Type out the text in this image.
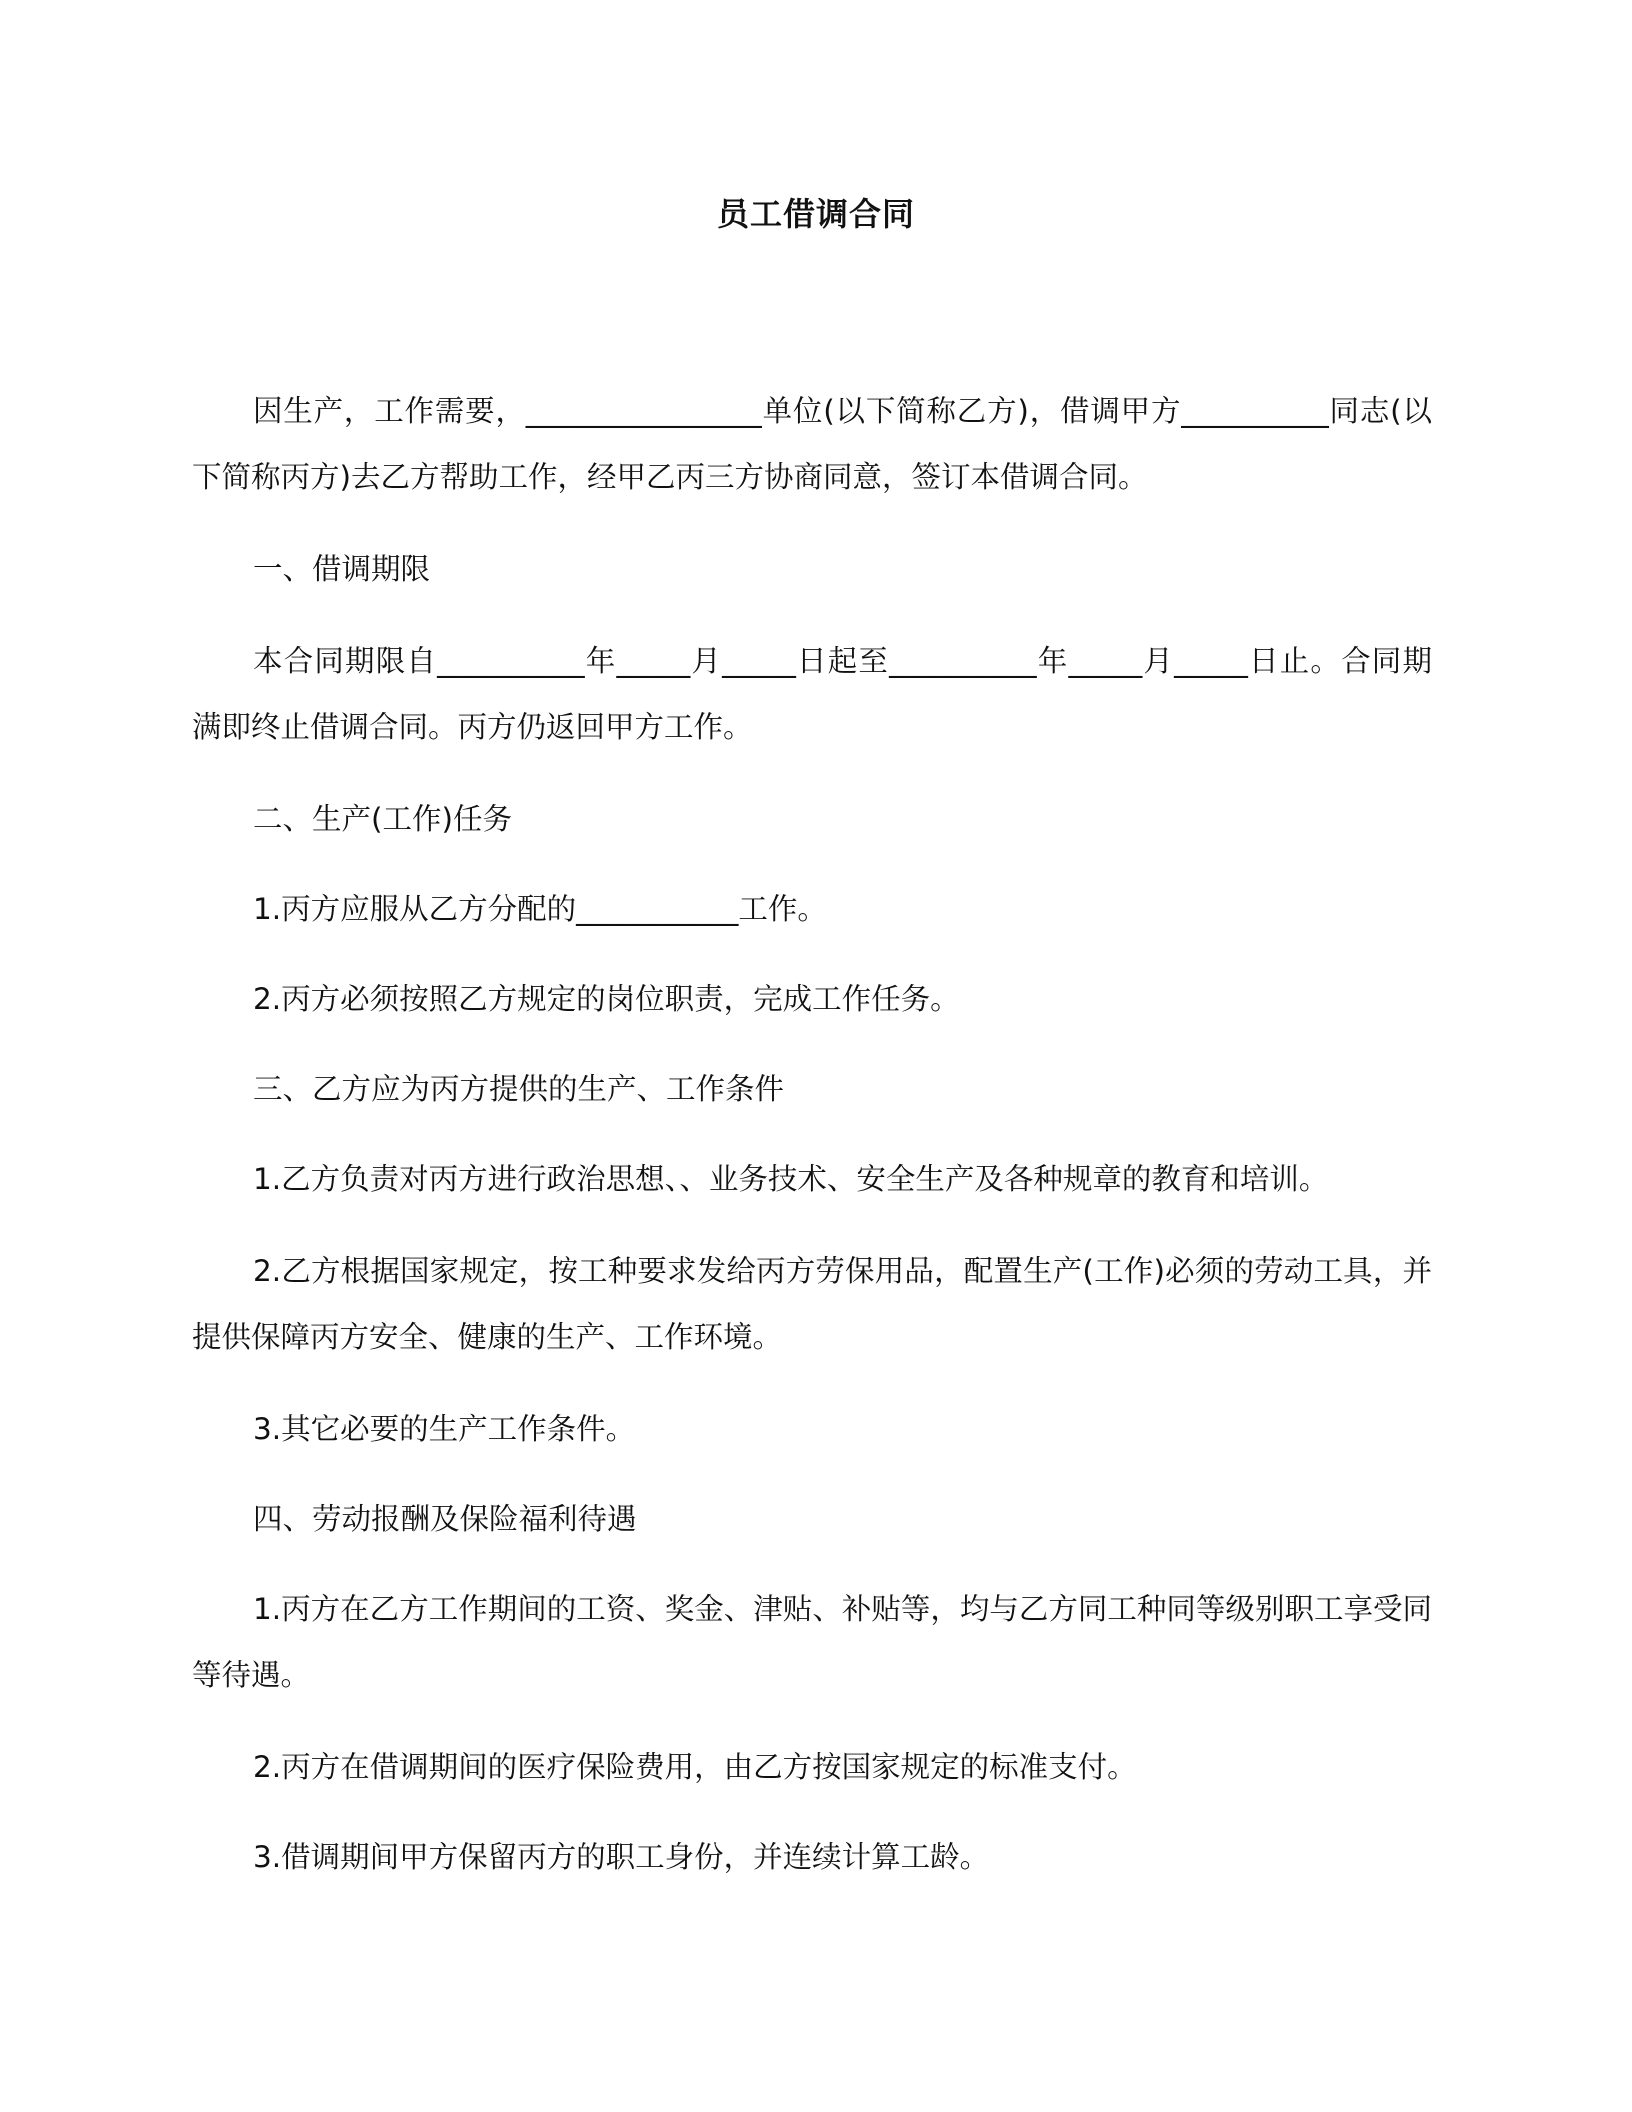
员工借调合同

因生产，工作需要，________________单位(以下简称乙方)，借调甲方__________同志(以下简称丙方)去乙方帮助工作，经甲乙丙三方协商同意，签订本借调合同。

一、借调期限

本合同期限自__________年_____月_____日起至__________年_____月_____日止。合同期满即终止借调合同。丙方仍返回甲方工作。

二、生产(工作)任务

1.丙方应服从乙方分配的___________工作。

2.丙方必须按照乙方规定的岗位职责，完成工作任务。

三、乙方应为丙方提供的生产、工作条件

1.乙方负责对丙方进行政治思想、、业务技术、安全生产及各种规章的教育和培训。

2.乙方根据国家规定，按工种要求发给丙方劳保用品，配置生产(工作)必须的劳动工具，并提供保障丙方安全、健康的生产、工作环境。

3.其它必要的生产工作条件。

四、劳动报酬及保险福利待遇

1.丙方在乙方工作期间的工资、奖金、津贴、补贴等，均与乙方同工种同等级别职工享受同等待遇。

2.丙方在借调期间的医疗保险费用，由乙方按国家规定的标准支付。

3.借调期间甲方保留丙方的职工身份，并连续计算工龄。
